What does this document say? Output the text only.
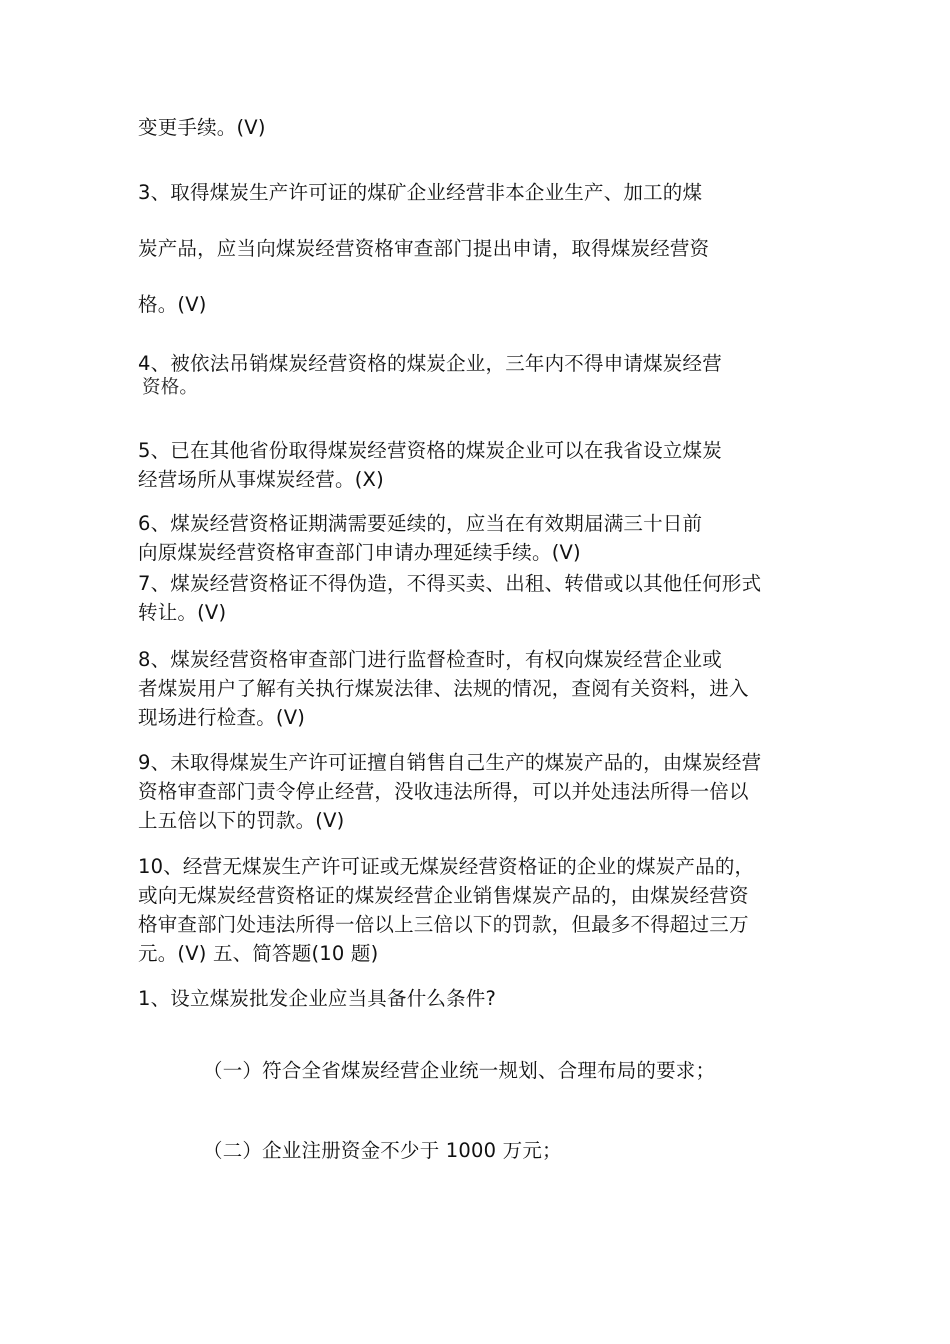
变更手续。(V)

3、取得煤炭生产许可证的煤矿企业经营非本企业生产、加工的煤

炭产品，应当向煤炭经营资格审查部门提出申请，取得煤炭经营资

格。(V)

4、被依法吊销煤炭经营资格的煤炭企业，三年内不得申请煤炭经营

资格。

5、已在其他省份取得煤炭经营资格的煤炭企业可以在我省设立煤炭

经营场所从事煤炭经营。(X)

6、煤炭经营资格证期满需要延续的，应当在有效期届满三十日前

向原煤炭经营资格审查部门申请办理延续手续。(V)

7、煤炭经营资格证不得伪造，不得买卖、出租、转借或以其他任何形式

转让。(V)

8、煤炭经营资格审查部门进行监督检查时，有权向煤炭经营企业或

者煤炭用户了解有关执行煤炭法律、法规的情况，查阅有关资料，进入

现场进行检查。(V)

9、未取得煤炭生产许可证擅自销售自己生产的煤炭产品的，由煤炭经营

资格审查部门责令停止经营，没收违法所得，可以并处违法所得一倍以

上五倍以下的罚款。(V)

10、经营无煤炭生产许可证或无煤炭经营资格证的企业的煤炭产品的，

或向无煤炭经营资格证的煤炭经营企业销售煤炭产品的，由煤炭经营资

格审查部门处违法所得一倍以上三倍以下的罚款，但最多不得超过三万

元。(V) 五、简答题(10 题)

1、设立煤炭批发企业应当具备什么条件?

（一）符合全省煤炭经营企业统一规划、合理布局的要求；

（二）企业注册资金不少于 1000 万元；
